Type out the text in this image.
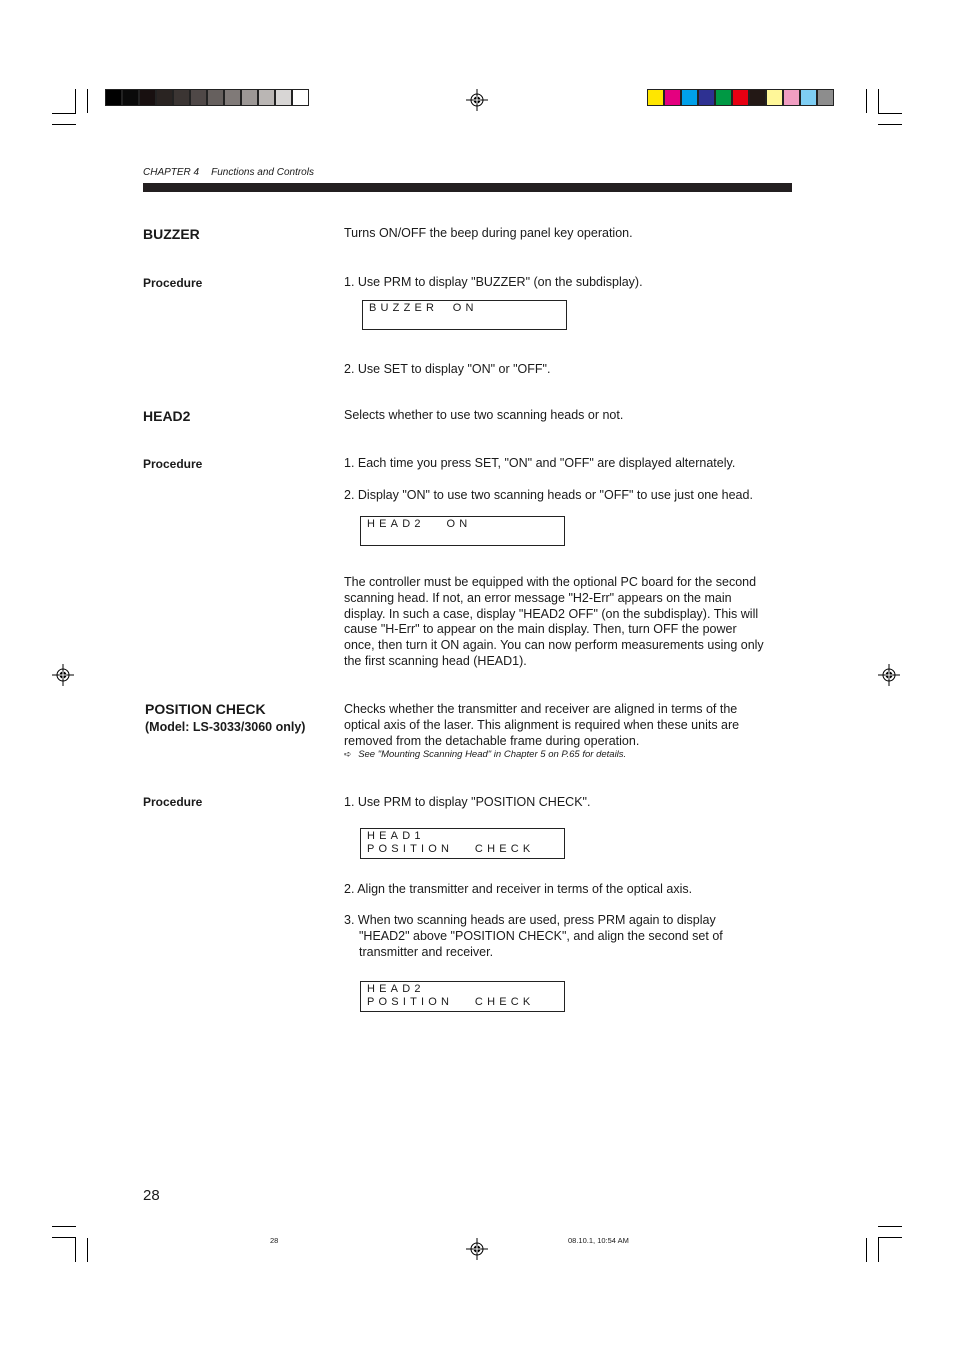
CHAPTER 4 Functions and Controls
BUZZER	Turns ON/OFF the beep during panel key operation.
Procedure	1. Use PRM to display "BUZZER" (on the subdisplay).
BUZZER  ON
2. Use SET to display "ON" or "OFF".
HEAD2	Selects whether to use two scanning heads or not.
Procedure	1. Each time you press SET, "ON" and "OFF" are displayed alternately.
2. Display "ON" to use two scanning heads or "OFF" to use just one head.
HEAD2   ON
The controller must be equipped with the optional PC board for the second
scanning head. If not, an error message "H2-Err" appears on the main
display. In such a case, display "HEAD2 OFF" (on the subdisplay). This will
cause "H-Err" to appear on the main display. Then, turn OFF the power
once, then turn it ON again. You can now perform measurements using only
the first scanning head (HEAD1).
POSITION CHECK
(Model: LS-3033/3060 only)
Checks whether the transmitter and receiver are aligned in terms of the
optical axis of the laser. This alignment is required when these units are
removed from the detachable frame during operation.
➪ See "Mounting Scanning Head" in Chapter 5 on P.65 for details.
Procedure	1. Use PRM to display "POSITION CHECK".
HEAD1
POSITION   CHECK
2. Align the transmitter and receiver in terms of the optical axis.
3. When two scanning heads are used, press PRM again to display
"HEAD2" above "POSITION CHECK", and align the second set of
transmitter and receiver.
HEAD2
POSITION   CHECK
28
28	08.10.1, 10:54 AM
